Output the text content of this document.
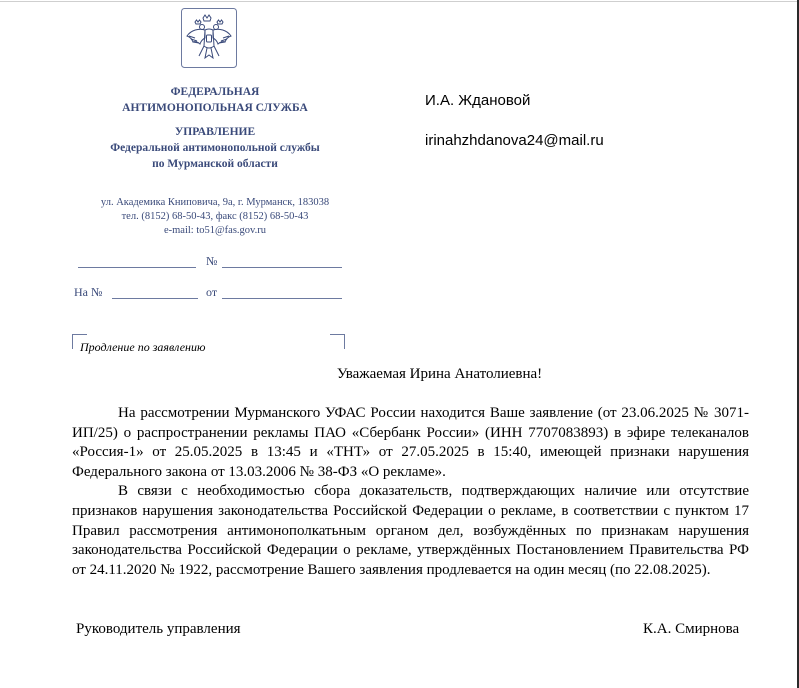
ФЕДЕРАЛЬНАЯ
АНТИМОНОПОЛЬНАЯ СЛУЖБА
УПРАВЛЕНИЕ
Федеральной антимонопольной службы
по Мурманской области
ул. Академика Книповича, 9а, г. Мурманск, 183038
тел. (8152) 68-50-43, факс (8152) 68-50-43
e-mail: to51@fas.gov.ru
№
На №	от
Продление по заявлению
И.А. Ждановой
irinahzhdanova24@mail.ru
Уважаемая Ирина Анатолиевна!

На рассмотрении Мурманского УФАС России находится Ваше заявление (от 23.06.2025 № 3071-ИП/25) о распространении рекламы ПАО «Сбербанк России» (ИНН 7707083893) в эфире телеканалов «Россия-1» от 25.05.2025 в 13:45 и «ТНТ» от 27.05.2025 в 15:40, имеющей признаки нарушения Федерального закона от 13.03.2006 № 38-ФЗ «О рекламе».

В связи с необходимостью сбора доказательств, подтверждающих наличие или отсутствие признаков нарушения законодательства Российской Федерации о рекламе, в соответствии с пунктом 17 Правил рассмотрения антимонополкатьным органом дел, возбуждённых по признакам нарушения законодательства Российской Федерации о рекламе, утверждённых Постановлением Правительства РФ от 24.11.2020 № 1922, рассмотрение Вашего заявления продлевается на один месяц (по 22.08.2025).

Руководитель управления	К.А. Смирнова
